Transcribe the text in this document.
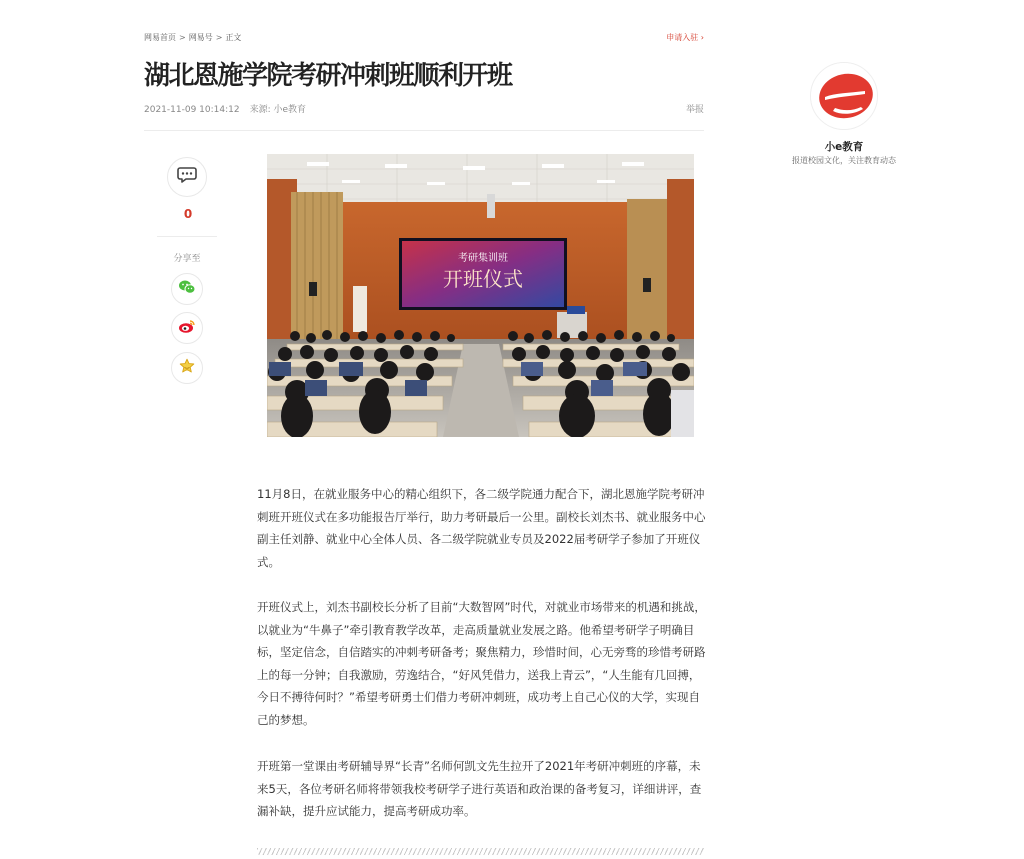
网易首页 > 网易号 > 正文	申请入驻 ›
湖北恩施学院考研冲刺班顺利开班
2021-11-09 10:14:12 来源: 小e教育	举报
0
分享至	考研集训班
开班仪式

11月8日，在就业服务中心的精心组织下，各二级学院通力配合下，湖北恩施学院考研冲刺班开班仪式在多功能报告厅举行，助力考研最后一公里。副校长刘杰书、就业服务中心副主任刘静、就业中心全体人员、各二级学院就业专员及2022届考研学子参加了开班仪式。

开班仪式上，刘杰书副校长分析了目前“大数智网”时代，对就业市场带来的机遇和挑战，以就业为“牛鼻子”牵引教育教学改革，走高质量就业发展之路。他希望考研学子明确目标，坚定信念，自信踏实的冲刺考研备考；聚焦精力，珍惜时间，心无旁骛的珍惜考研路上的每一分钟；自我激励，劳逸结合，“好风凭借力，送我上青云”，“人生能有几回搏，今日不搏待何时？”希望考研勇士们借力考研冲刺班，成功考上自己心仪的大学，实现自己的梦想。

开班第一堂课由考研辅导界“长青”名师何凯文先生拉开了2021年考研冲刺班的序幕，未来5天，各位考研名师将带领我校考研学子进行英语和政治课的备考复习，详细讲评，查漏补缺，提升应试能力，提高考研成功率。

小e教育
报道校园文化，关注教育动态
